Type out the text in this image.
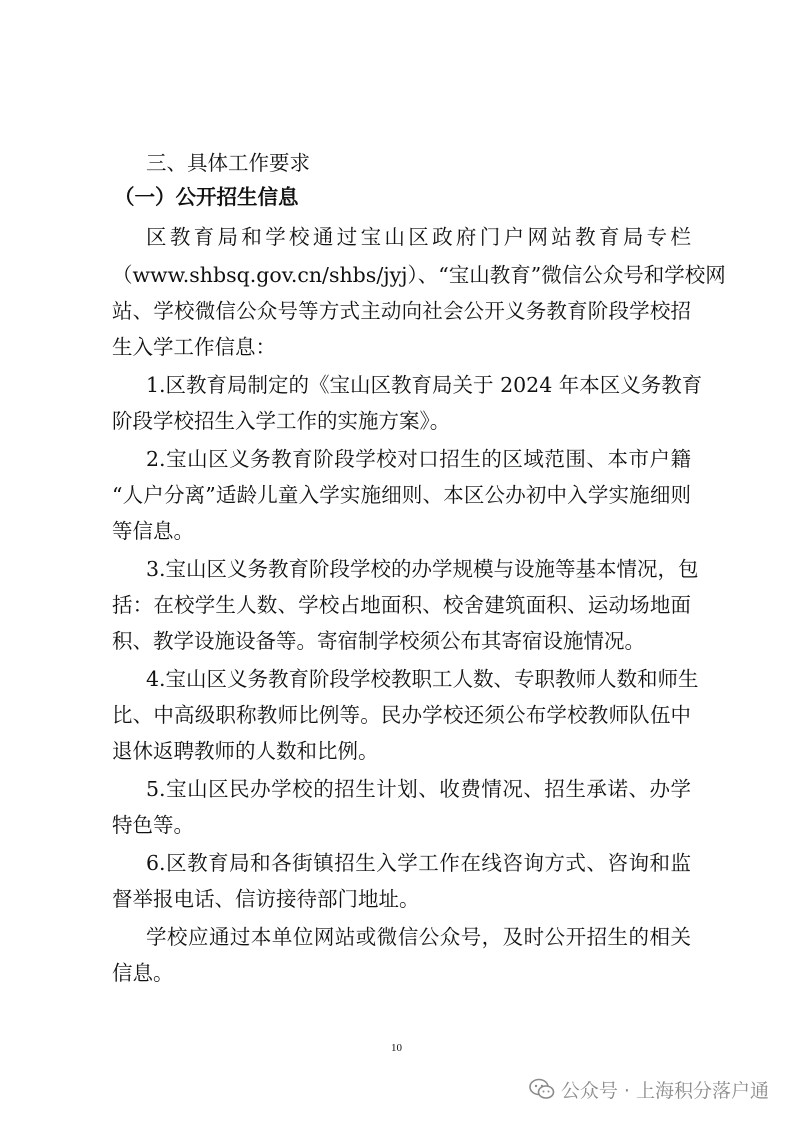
三、具体工作要求
（一）公开招生信息
区教育局和学校通过宝山区政府门户网站教育局专栏
（www.shbsq.gov.cn/shbs/jyj）、“宝山教育”微信公众号和学校网
站、学校微信公众号等方式主动向社会公开义务教育阶段学校招
生入学工作信息：
1.区教育局制定的《宝山区教育局关于 2024 年本区义务教育
阶段学校招生入学工作的实施方案》。
2.宝山区义务教育阶段学校对口招生的区域范围、本市户籍
“人户分离”适龄儿童入学实施细则、本区公办初中入学实施细则
等信息。
3.宝山区义务教育阶段学校的办学规模与设施等基本情况，包
括：在校学生人数、学校占地面积、校舍建筑面积、运动场地面
积、教学设施设备等。寄宿制学校须公布其寄宿设施情况。
4.宝山区义务教育阶段学校教职工人数、专职教师人数和师生
比、中高级职称教师比例等。民办学校还须公布学校教师队伍中
退休返聘教师的人数和比例。
5.宝山区民办学校的招生计划、收费情况、招生承诺、办学
特色等。
6.区教育局和各街镇招生入学工作在线咨询方式、咨询和监
督举报电话、信访接待部门地址。
学校应通过本单位网站或微信公众号，及时公开招生的相关
信息。
10
公众号 · 上海积分落户通
